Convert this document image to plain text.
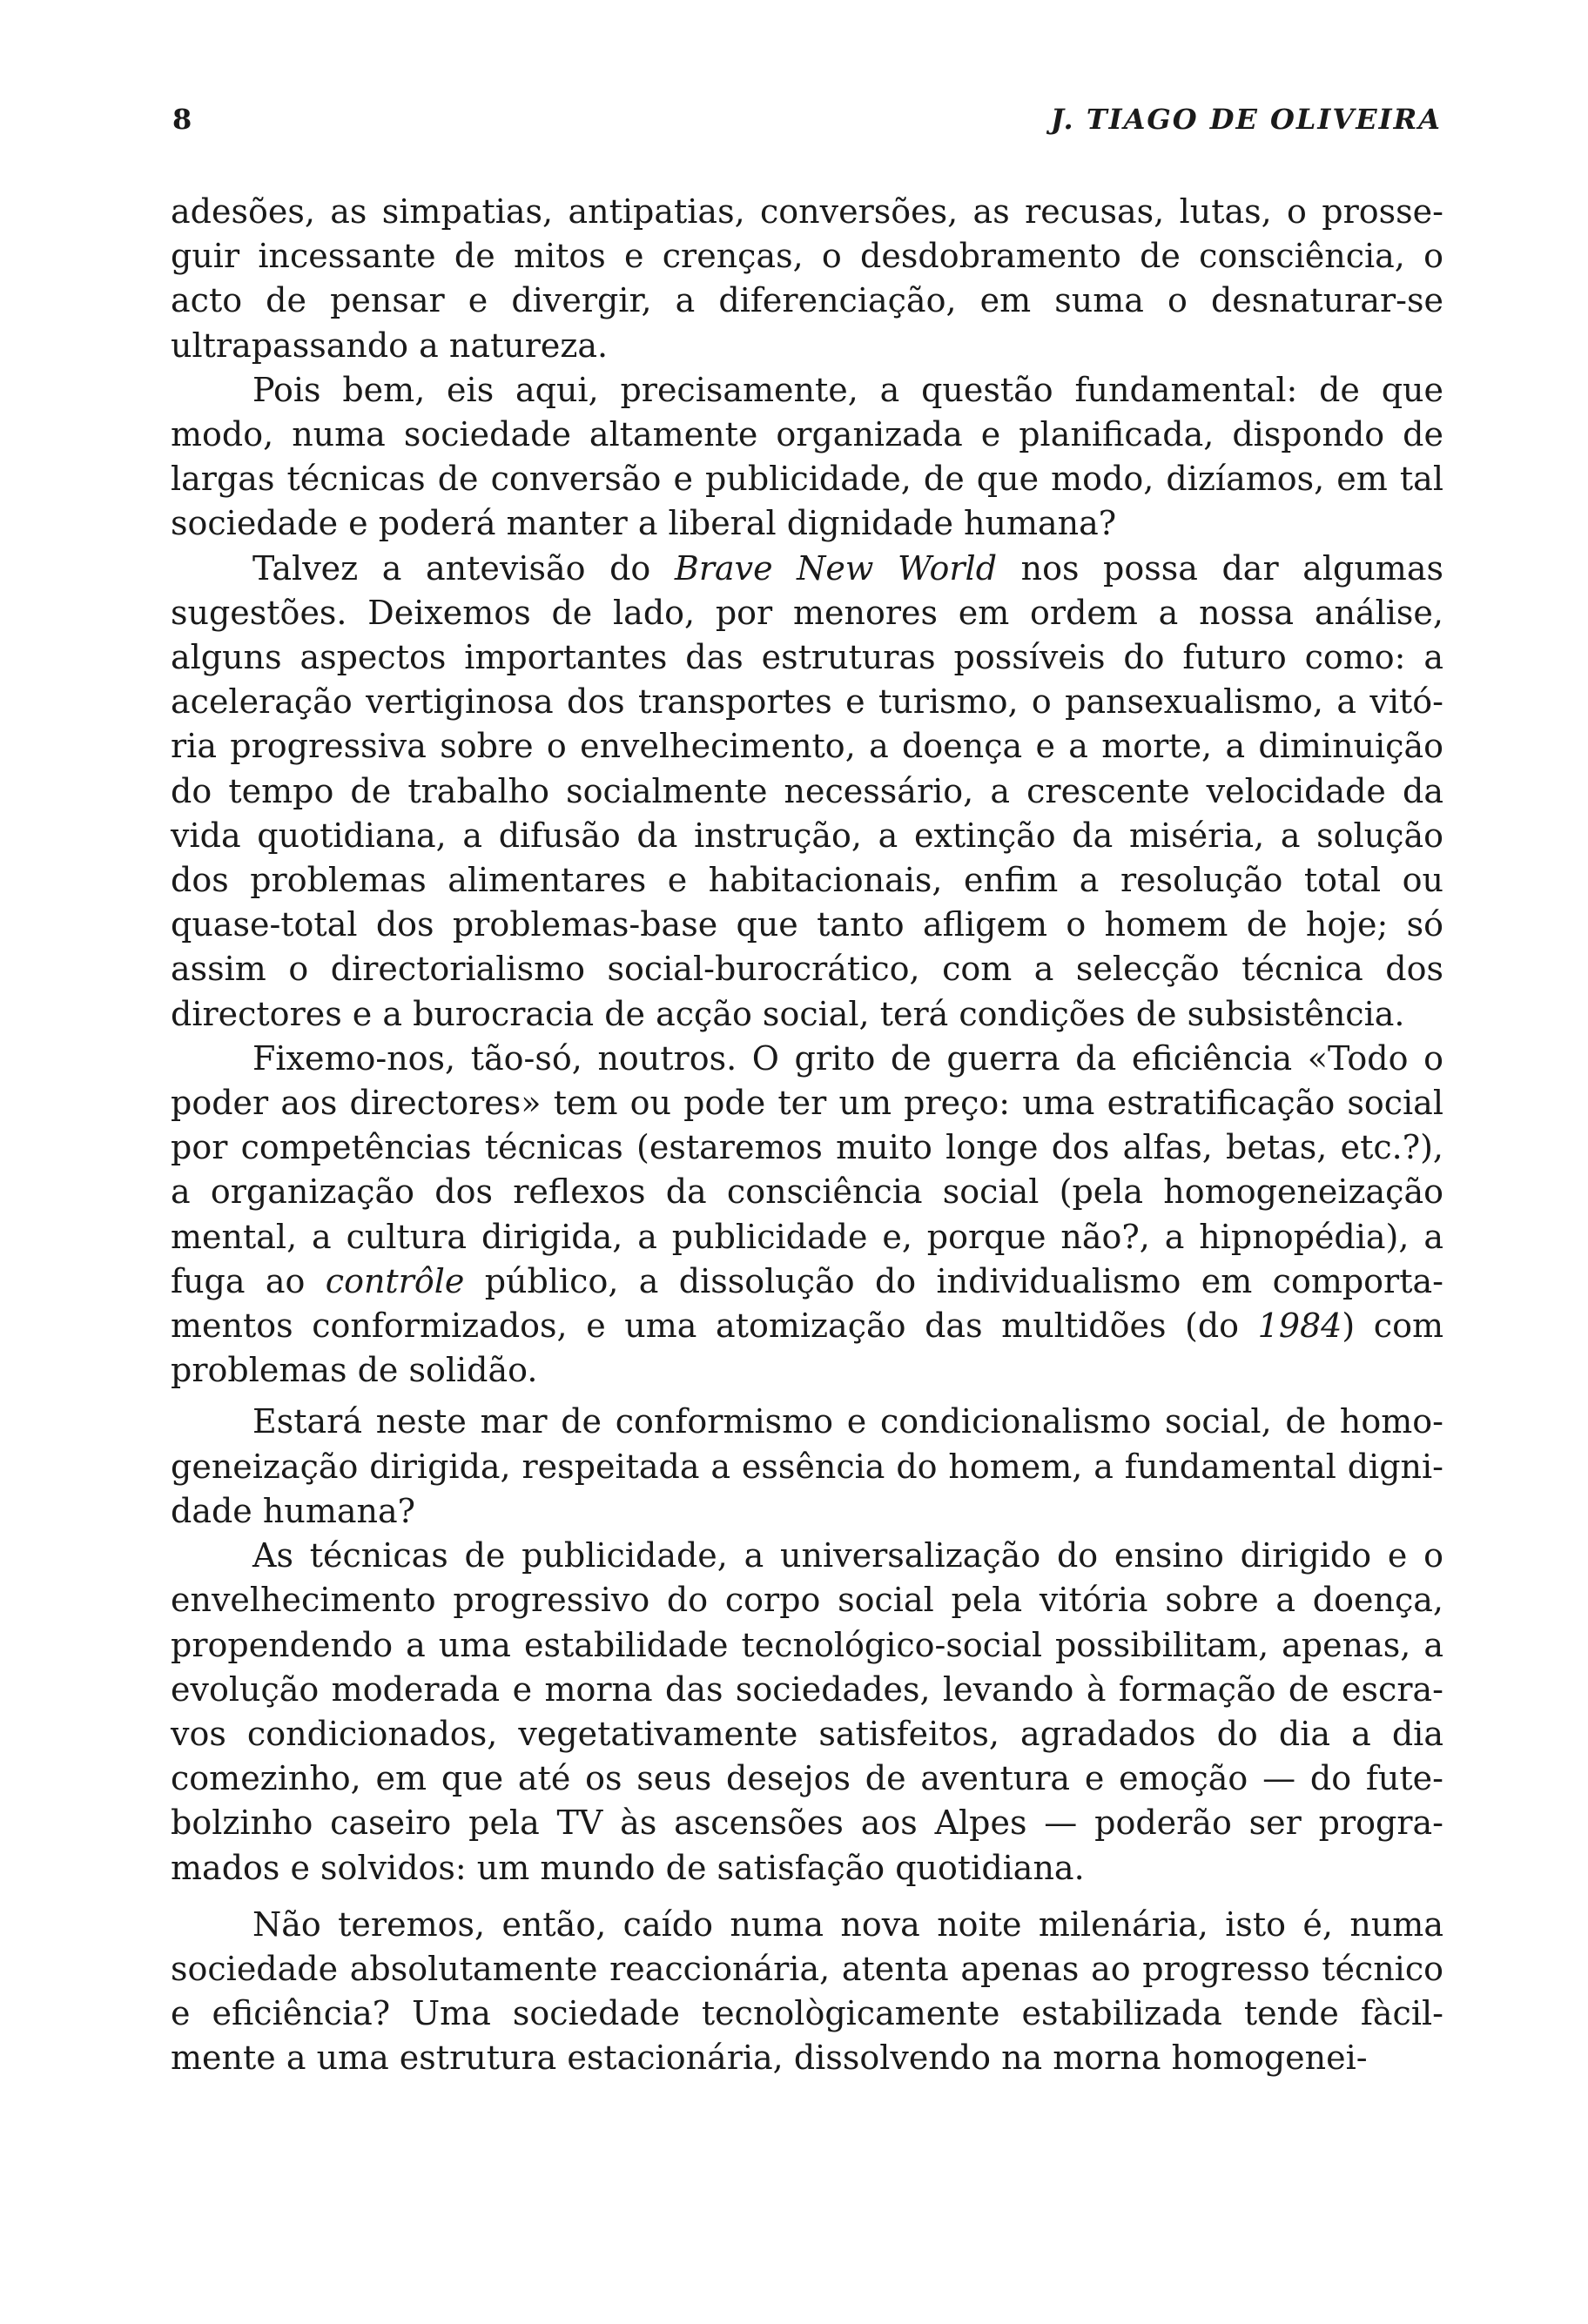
8	J. TIAGO DE OLIVEIRA

adesões, as simpatias, antipatias, conversões, as recusas, lutas, o prosseguir incessante de mitos e crenças, o desdobramento de consciência, o acto de pensar e divergir, a diferenciação, em suma o desnaturar-se ultrapassando a natureza.

Pois bem, eis aqui, precisamente, a questão fundamental: de que modo, numa sociedade altamente organizada e planificada, dispondo de largas técnicas de conversão e publicidade, de que modo, dizíamos, em tal sociedade e poderá manter a liberal dignidade humana?

Talvez a antevisão do Brave New World nos possa dar algumas sugestões. Deixemos de lado, por menores em ordem a nossa análise, alguns aspectos importantes das estruturas possíveis do futuro como: a aceleração vertiginosa dos transportes e turismo, o pansexualismo, a vitória progressiva sobre o envelhecimento, a doença e a morte, a diminuição do tempo de trabalho socialmente necessário, a crescente velocidade da vida quotidiana, a difusão da instrução, a extinção da miséria, a solução dos problemas alimentares e habitacionais, enfim a resolução total ou quase-total dos problemas-base que tanto afligem o homem de hoje; só assim o directorialismo social-burocrático, com a selecção técnica dos directores e a burocracia de acção social, terá condições de subsistência.

Fixemo-nos, tão-só, noutros. O grito de guerra da eficiência «Todo o poder aos directores» tem ou pode ter um preço: uma estratificação social por competências técnicas (estaremos muito longe dos alfas, betas, etc.?), a organização dos reflexos da consciência social (pela homogeneização mental, a cultura dirigida, a publicidade e, porque não?, a hipnopédia), a fuga ao contrôle público, a dissolução do individualismo em comportamentos conformizados, e uma atomização das multidões (do 1984) com problemas de solidão.

Estará neste mar de conformismo e condicionalismo social, de homogeneização dirigida, respeitada a essência do homem, a fundamental dignidade humana?

As técnicas de publicidade, a universalização do ensino dirigido e o envelhecimento progressivo do corpo social pela vitória sobre a doença, propendendo a uma estabilidade tecnológico-social possibilitam, apenas, a evolução moderada e morna das sociedades, levando à formação de escravos condicionados, vegetativamente satisfeitos, agradados do dia a dia comezinho, em que até os seus desejos de aventura e emoção — do futebolzinho caseiro pela TV às ascensões aos Alpes — poderão ser programados e solvidos: um mundo de satisfação quotidiana.

Não teremos, então, caído numa nova noite milenária, isto é, numa sociedade absolutamente reaccionária, atenta apenas ao progresso técnico e eficiência? Uma sociedade tecnològicamente estabilizada tende fàcilmente a uma estrutura estacionária, dissolvendo na morna homogenei-
